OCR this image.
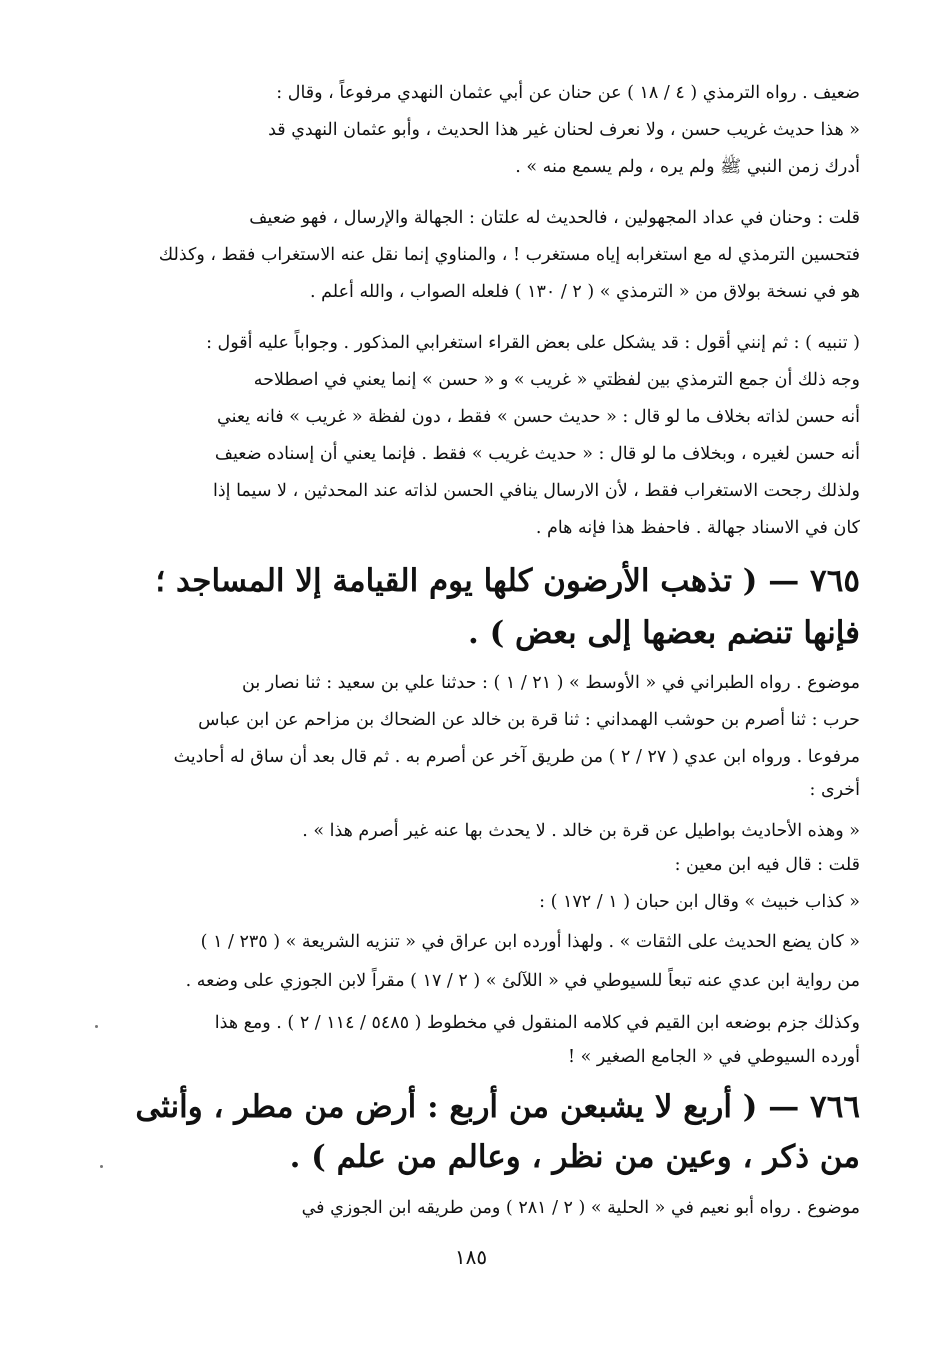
ضعيف . رواه الترمذي ( ٤ / ١٨ ) عن حنان عن أبي عثمان النهدي مرفوعاً ، وقال :
« هذا حديث غريب حسن ، ولا نعرف لحنان غير هذا الحديث ، وأبو عثمان النهدي قد
أدرك زمن النبي ﷺ ولم يره ، ولم يسمع منه » .
قلت : وحنان في عداد المجهولين ، فالحديث له علتان : الجهالة والإرسال ، فهو ضعيف
فتحسين الترمذي له مع استغرابه إياه مستغرب ! ، والمناوي إنما نقل عنه الاستغراب فقط ، وكذلك
هو في نسخة بولاق من « الترمذي » ( ٢ / ١٣٠ ) فلعله الصواب ، والله أعلم .
( تنبيه ) : ثم إنني أقول : قد يشكل على بعض القراء استغرابي المذكور . وجواباً عليه أقول :
وجه ذلك أن جمع الترمذي بين لفظتي « غريب » و « حسن » إنما يعني في اصطلاحه
أنه حسن لذاته بخلاف ما لو قال : « حديث حسن » فقط ، دون لفظة « غريب » فانه يعني
أنه حسن لغيره ، وبخلاف ما لو قال : « حديث غريب » فقط . فإنما يعني أن إسناده ضعيف
ولذلك رجحت الاستغراب فقط ، لأن الارسال ينافي الحسن لذاته عند المحدثين ، لا سيما إذا
كان في الاسناد جهالة . فاحفظ هذا فإنه هام .
٧٦٥ — ( تذهب الأرضون كلها يوم القيامة إلا المساجد ؛
فإنها تنضم بعضها إلى بعض ) .
موضوع . رواه الطبراني في « الأوسط » ( ٢١ / ١ ) : حدثنا علي بن سعيد : ثنا نصار بن
حرب : ثنا أصرم بن حوشب الهمداني : ثنا قرة بن خالد عن الضحاك بن مزاحم عن ابن عباس
مرفوعا . ورواه ابن عدي ( ٢٧ / ٢ ) من طريق آخر عن أصرم به . ثم قال بعد أن ساق له أحاديث
أخرى :
« وهذه الأحاديث بواطيل عن قرة بن خالد . لا يحدث بها عنه غير أصرم هذا » .
قلت : قال فيه ابن معين :
« كذاب خبيث » وقال ابن حبان ( ١ / ١٧٢ ) :
« كان يضع الحديث على الثقات » . ولهذا أورده ابن عراق في « تنزيه الشريعة » ( ٢٣٥ / ١ )
من رواية ابن عدي عنه تبعاً للسيوطي في « اللآلئ » ( ٢ / ١٧ ) مقراً لابن الجوزي على وضعه .
وكذلك جزم بوضعه ابن القيم في كلامه المنقول في مخطوط ( ٥٤٨٥ / ١١٤ / ٢ ) . ومع هذا
أورده السيوطي في « الجامع الصغير » !
٧٦٦ — ( أربع لا يشبعن من أربع : أرض من مطر ، وأنثى
من ذكر ، وعين من نظر ، وعالم من علم ) .
موضوع . رواه أبو نعيم في « الحلية » ( ٢ / ٢٨١ ) ومن طريقه ابن الجوزي في
١٨٥
